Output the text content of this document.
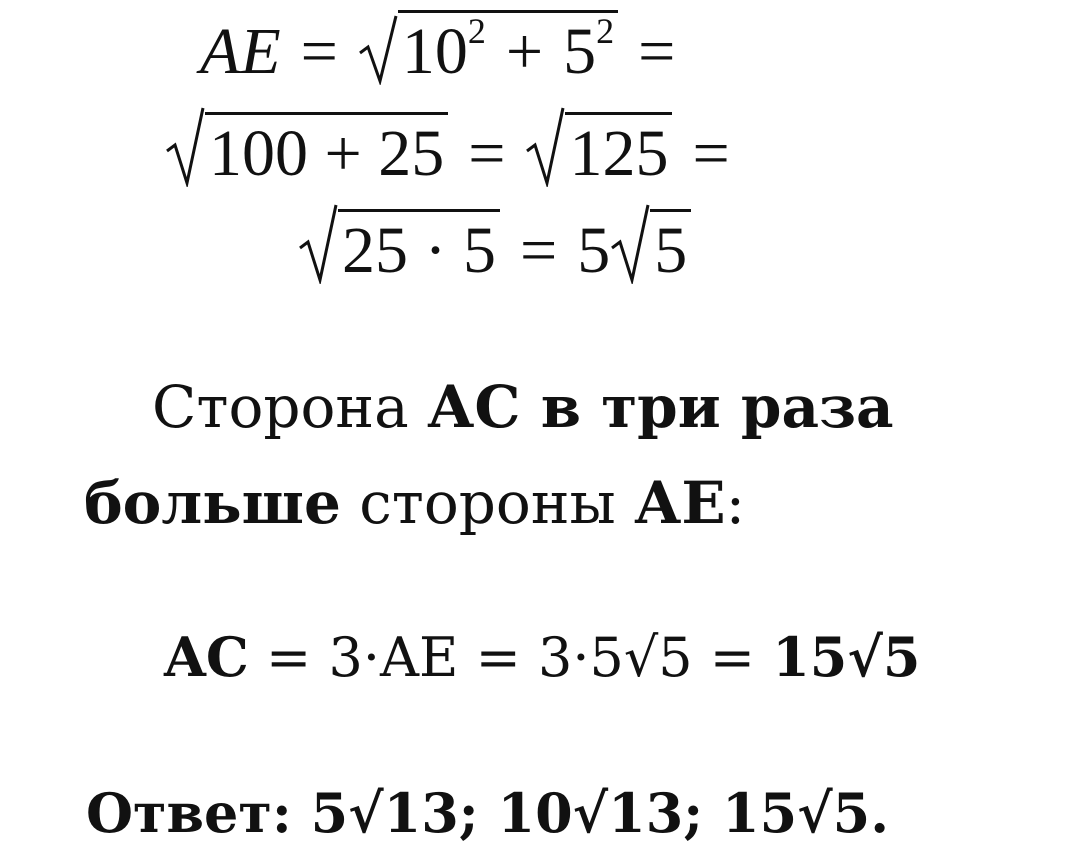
AE = $10^2 + 5^2$ =
100 + 25 = 125 =
25 · 5 = 5 5
Сторона АС в три раза
больше стороны АЕ:
AC = 3·AE = 3·5√5 = 15√5
Ответ: 5√13; 10√13; 15√5.
